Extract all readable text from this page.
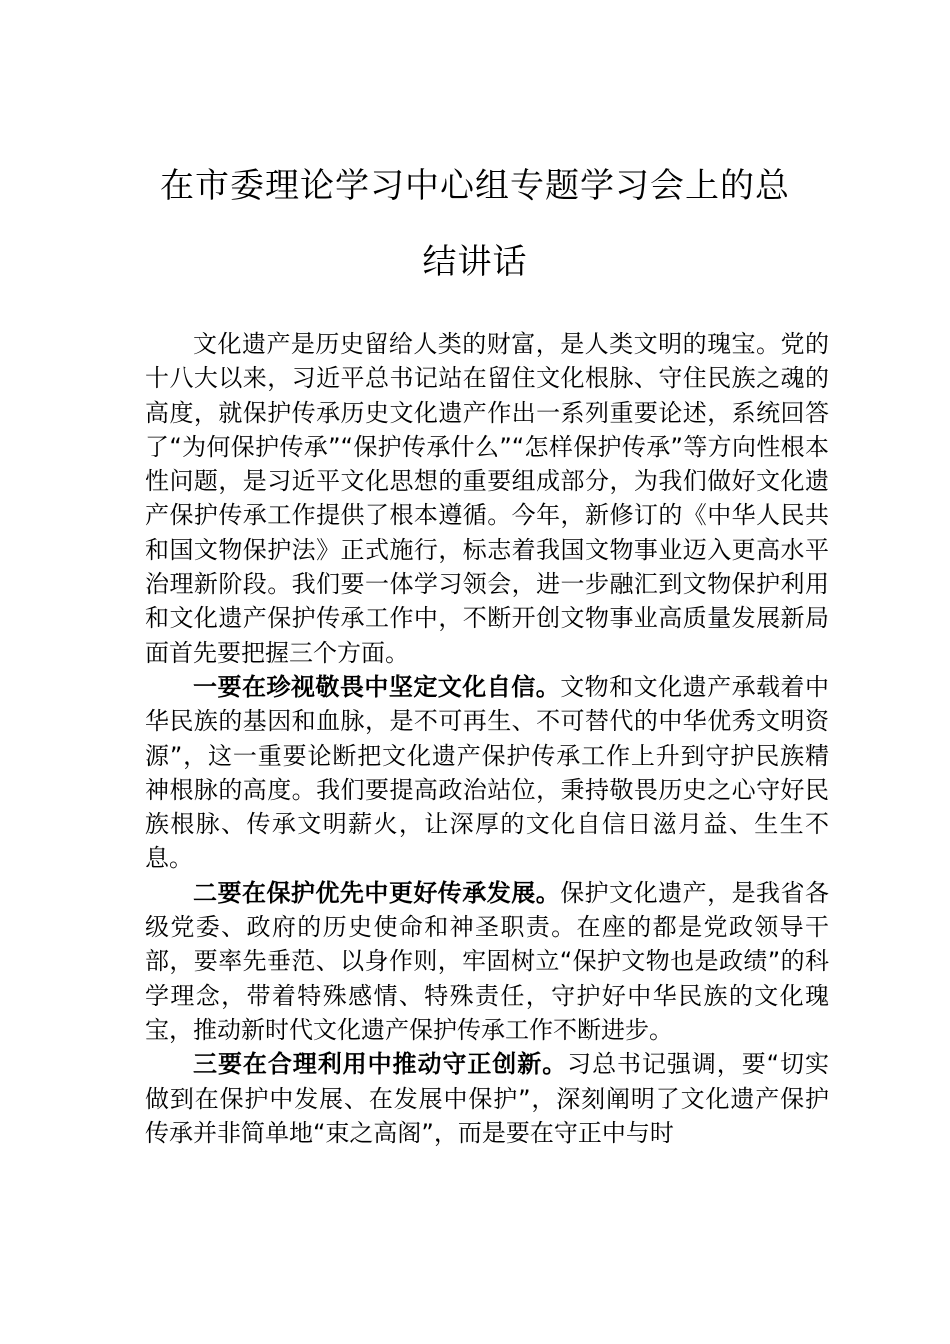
在市委理论学习中心组专题学习会上的总
结讲话

文化遗产是历史留给人类的财富，是人类文明的瑰宝。党的十八大以来，习近平总书记站在留住文化根脉、守住民族之魂的高度，就保护传承历史文化遗产作出一系列重要论述，系统回答了“为何保护传承”“保护传承什么”“怎样保护传承”等方向性根本性问题，是习近平文化思想的重要组成部分，为我们做好文化遗产保护传承工作提供了根本遵循。今年，新修订的《中华人民共和国文物保护法》正式施行，标志着我国文物事业迈入更高水平治理新阶段。我们要一体学习领会，进一步融汇到文物保护利用和文化遗产保护传承工作中，不断开创文物事业高质量发展新局面首先要把握三个方面。

一要在珍视敬畏中坚定文化自信。文物和文化遗产承载着中华民族的基因和血脉，是不可再生、不可替代的中华优秀文明资源”，这一重要论断把文化遗产保护传承工作上升到守护民族精神根脉的高度。我们要提高政治站位，秉持敬畏历史之心守好民族根脉、传承文明薪火，让深厚的文化自信日滋月益、生生不息。

二要在保护优先中更好传承发展。保护文化遗产，是我省各级党委、政府的历史使命和神圣职责。在座的都是党政领导干部，要率先垂范、以身作则，牢固树立“保护文物也是政绩”的科学理念，带着特殊感情、特殊责任，守护好中华民族的文化瑰宝，推动新时代文化遗产保护传承工作不断进步。

三要在合理利用中推动守正创新。习总书记强调，要“切实做到在保护中发展、在发展中保护”，深刻阐明了文化遗产保护传承并非简单地“束之高阁”，而是要在守正中与时
